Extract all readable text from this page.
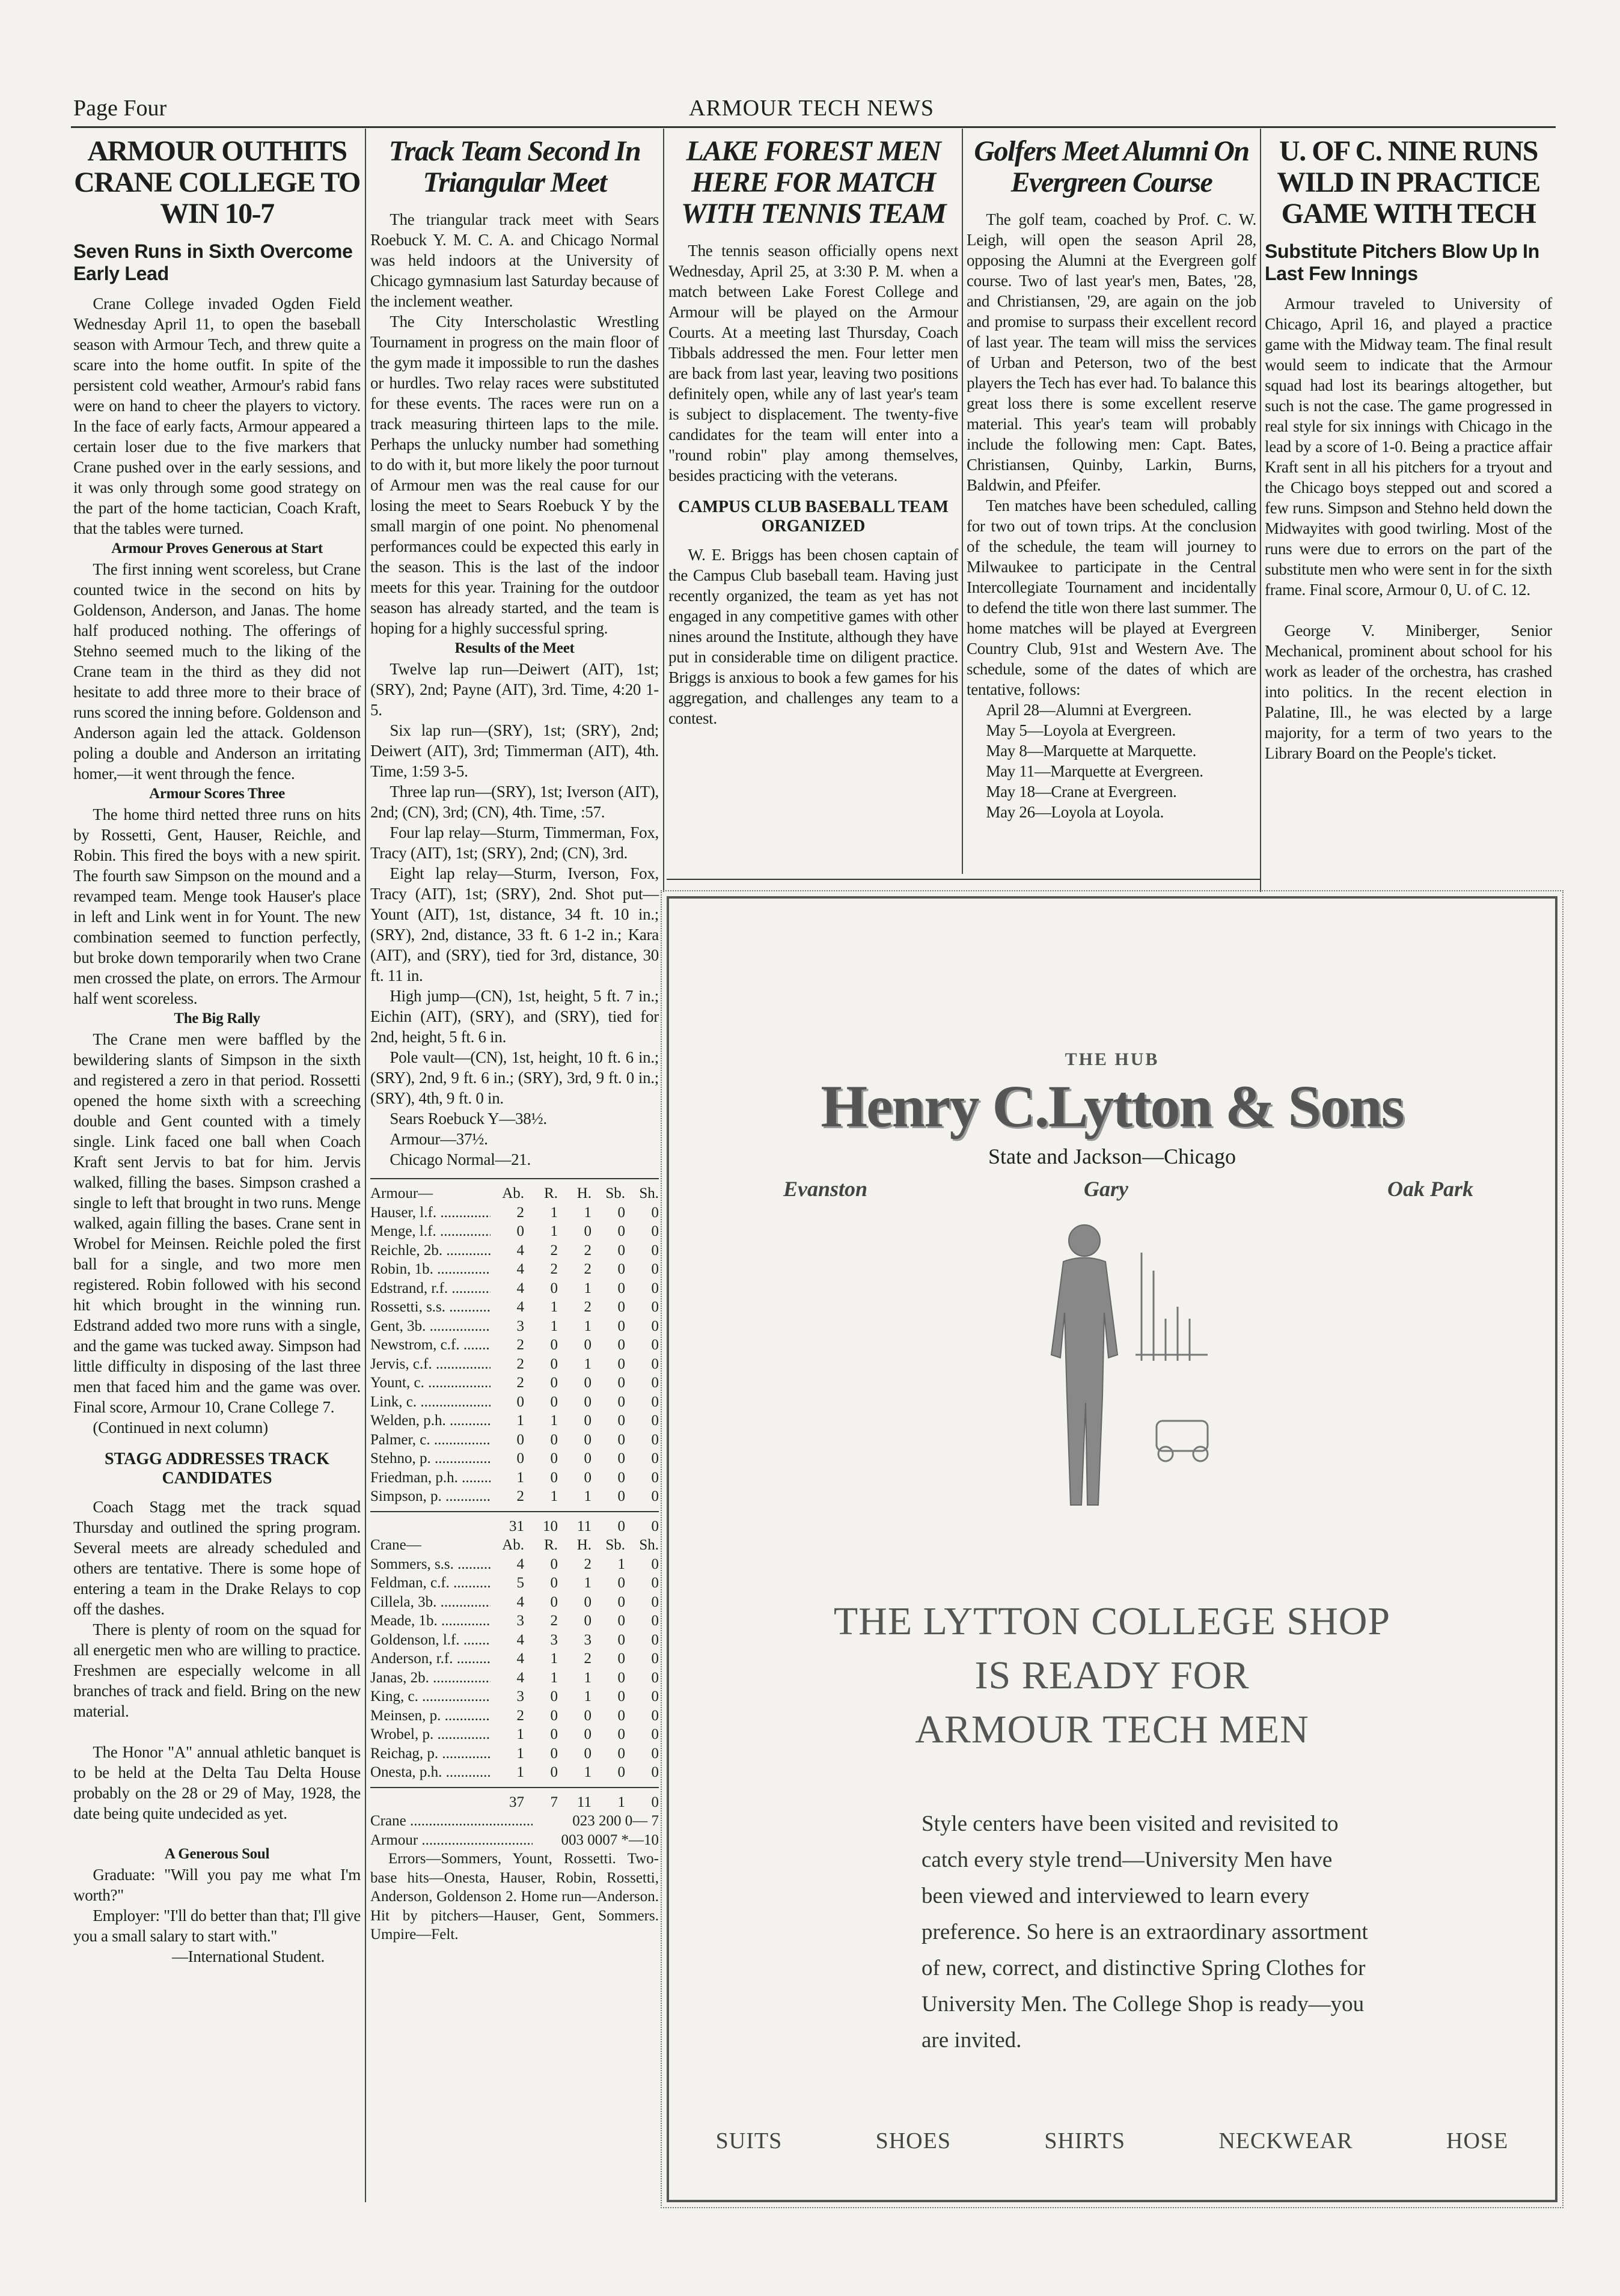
Page Four	ARMOUR TECH NEWS
ARMOUR OUTHITS CRANE COLLEGE TO WIN 10-7
Seven Runs in Sixth Overcome Early Lead

Crane College invaded Ogden Field Wednesday April 11, to open the baseball season with Armour Tech, and threw quite a scare into the home outfit. In spite of the persistent cold weather, Armour's rabid fans were on hand to cheer the players to victory. In the face of early facts, Armour appeared a certain loser due to the five markers that Crane pushed over in the early sessions, and it was only through some good strategy on the part of the home tactician, Coach Kraft, that the tables were turned.

Armour Proves Generous at Start

The first inning went scoreless, but Crane counted twice in the second on hits by Goldenson, Anderson, and Janas. The home half produced nothing. The offerings of Stehno seemed much to the liking of the Crane team in the third as they did not hesitate to add three more to their brace of runs scored the inning before. Goldenson and Anderson again led the attack. Goldenson poling a double and Anderson an irritating homer,—it went through the fence.

Armour Scores Three

The home third netted three runs on hits by Rossetti, Gent, Hauser, Reichle, and Robin. This fired the boys with a new spirit. The fourth saw Simpson on the mound and a revamped team. Menge took Hauser's place in left and Link went in for Yount. The new combination seemed to function perfectly, but broke down temporarily when two Crane men crossed the plate, on errors. The Armour half went scoreless.

The Big Rally

The Crane men were baffled by the bewildering slants of Simpson in the sixth and registered a zero in that period. Rossetti opened the home sixth with a screeching double and Gent counted with a timely single. Link faced one ball when Coach Kraft sent Jervis to bat for him. Jervis walked, filling the bases. Simpson crashed a single to left that brought in two runs. Menge walked, again filling the bases. Crane sent in Wrobel for Meinsen. Reichle poled the first ball for a single, and two more men registered. Robin followed with his second hit which brought in the winning run. Edstrand added two more runs with a single, and the game was tucked away. Simpson had little difficulty in disposing of the last three men that faced him and the game was over. Final score, Armour 10, Crane College 7.

(Continued in next column)

STAGG ADDRESSES TRACK CANDIDATES

Coach Stagg met the track squad Thursday and outlined the spring program. Several meets are already scheduled and others are tentative. There is some hope of entering a team in the Drake Relays to cop off the dashes.

There is plenty of room on the squad for all energetic men who are willing to practice. Freshmen are especially welcome in all branches of track and field. Bring on the new material.

The Honor "A" annual athletic banquet is to be held at the Delta Tau Delta House probably on the 28 or 29 of May, 1928, the date being quite undecided as yet.

A Generous Soul

Graduate: "Will you pay me what I'm worth?"

Employer: "I'll do better than that; I'll give you a small salary to start with."

—International Student.

Track Team Second In Triangular Meet

The triangular track meet with Sears Roebuck Y. M. C. A. and Chicago Normal was held indoors at the University of Chicago gymnasium last Saturday because of the inclement weather.

The City Interscholastic Wrestling Tournament in progress on the main floor of the gym made it impossible to run the dashes or hurdles. Two relay races were substituted for these events. The races were run on a track measuring thirteen laps to the mile. Perhaps the unlucky number had something to do with it, but more likely the poor turnout of Armour men was the real cause for our losing the meet to Sears Roebuck Y by the small margin of one point. No phenomenal performances could be expected this early in the season. This is the last of the indoor meets for this year. Training for the outdoor season has already started, and the team is hoping for a highly successful spring.

Results of the Meet

Twelve lap run—Deiwert (AIT), 1st; (SRY), 2nd; Payne (AIT), 3rd. Time, 4:20 1-5.

Six lap run—(SRY), 1st; (SRY), 2nd; Deiwert (AIT), 3rd; Timmerman (AIT), 4th. Time, 1:59 3-5.

Three lap run—(SRY), 1st; Iverson (AIT), 2nd; (CN), 3rd; (CN), 4th. Time, :57.

Four lap relay—Sturm, Timmerman, Fox, Tracy (AIT), 1st; (SRY), 2nd; (CN), 3rd.

Eight lap relay—Sturm, Iverson, Fox, Tracy (AIT), 1st; (SRY), 2nd. Shot put—Yount (AIT), 1st, distance, 34 ft. 10 in.; (SRY), 2nd, distance, 33 ft. 6 1-2 in.; Kara (AIT), and (SRY), tied for 3rd, distance, 30 ft. 11 in.

High jump—(CN), 1st, height, 5 ft. 7 in.; Eichin (AIT), (SRY), and (SRY), tied for 2nd, height, 5 ft. 6 in.

Pole vault—(CN), 1st, height, 10 ft. 6 in.; (SRY), 2nd, 9 ft. 6 in.; (SRY), 3rd, 9 ft. 0 in.; (SRY), 4th, 9 ft. 0 in.

Sears Roebuck Y—38½.

Armour—37½.

Chicago Normal—21.

Armour—	Ab.	R.	H. Sb. Sh.
Hauser, l.f. .....	2	1	1	0	0
Menge, l.f. .....	0	1	0	0	0
Reichle, 2b. .....	4	2	2	0	0
Robin, 1b. .....	4	2	2	0	0
Edstrand, r.f. .....	4	0	1	0	0
Rossetti, s.s. .....	4	1	2	0	0
Gent, 3b. .....	3	1	1	0	0
Newstrom, c.f. .....	2	0	0	0	0
Jervis, c.f. .....	2	0	1	0	0
Yount, c. .....	2	0	0	0	0
Link, c. .....	0	0	0	0	0
Welden, p.h. .....	1	1	0	0	0
Palmer, c. .....	0	0	0	0	0
Stehno, p. .....	0	0	0	0	0
Friedman, p.h. .....	1	0	0	0	0
Simpson, p. .....	2	1	1	0	0
31	10	11	0	0
Crane—	Ab.	R.	H. Sb. Sh.
Sommers, s.s. .....	4	0	2	1	0
Feldman, c.f. .....	5	0	1	0	0
Cillela, 3b. .....	4	0	0	0	0
Meade, 1b. .....	3	2	0	0	0
Goldenson, l.f. .....	4	3	3	0	0
Anderson, r.f. .....	4	1	2	0	0
Janas, 2b. .....	4	1	1	0	0
King, c. .....	3	0	1	0	0
Meinsen, p. .....	2	0	0	0	0
Wrobel, p. .....	1	0	0	0	0
Reichag, p. .....	1	0	0	0	0
Onesta, p.h. .....	1	0	1	0	0
37	7	11	1	0
Crane .....	023 200 0— 7
Armour .....	003 0007 *—10

Errors—Sommers, Yount, Rossetti. Two-base hits—Onesta, Hauser, Robin, Rossetti, Anderson, Goldenson 2. Home run—Anderson. Hit by pitchers—Hauser, Gent, Sommers. Umpire—Felt.

LAKE FOREST MEN HERE FOR MATCH WITH TENNIS TEAM

The tennis season officially opens next Wednesday, April 25, at 3:30 P. M. when a match between Lake Forest College and Armour will be played on the Armour Courts. At a meeting last Thursday, Coach Tibbals addressed the men. Four letter men are back from last year, leaving two positions definitely open, while any of last year's team is subject to displacement. The twenty-five candidates for the team will enter into a "round robin" play among themselves, besides practicing with the veterans.

CAMPUS CLUB BASEBALL TEAM ORGANIZED

W. E. Briggs has been chosen captain of the Campus Club baseball team. Having just recently organized, the team as yet has not engaged in any competitive games with other nines around the Institute, although they have put in considerable time on diligent practice. Briggs is anxious to book a few games for his aggregation, and challenges any team to a contest.

Golfers Meet Alumni On Evergreen Course

The golf team, coached by Prof. C. W. Leigh, will open the season April 28, opposing the Alumni at the Evergreen golf course. Two of last year's men, Bates, '28, and Christiansen, '29, are again on the job and promise to surpass their excellent record of last year. The team will miss the services of Urban and Peterson, two of the best players the Tech has ever had. To balance this great loss there is some excellent reserve material. This year's team will probably include the following men: Capt. Bates, Christiansen, Quinby, Larkin, Burns, Baldwin, and Pfeifer.

Ten matches have been scheduled, calling for two out of town trips. At the conclusion of the schedule, the team will journey to Milwaukee to participate in the Central Intercollegiate Tournament and incidentally to defend the title won there last summer. The home matches will be played at Evergreen Country Club, 91st and Western Ave. The schedule, some of the dates of which are tentative, follows:

April 28—Alumni at Evergreen.

May 5—Loyola at Evergreen.

May 8—Marquette at Marquette.

May 11—Marquette at Evergreen.

May 18—Crane at Evergreen.

May 26—Loyola at Loyola.

U. OF C. NINE RUNS WILD IN PRACTICE GAME WITH TECH
Substitute Pitchers Blow Up In Last Few Innings

Armour traveled to University of Chicago, April 16, and played a practice game with the Midway team. The final result would seem to indicate that the Armour squad had lost its bearings altogether, but such is not the case. The game progressed in real style for six innings with Chicago in the lead by a score of 1-0. Being a practice affair Kraft sent in all his pitchers for a tryout and the Chicago boys stepped out and scored a few runs. Simpson and Stehno held down the Midwayites with good twirling. Most of the runs were due to errors on the part of the substitute men who were sent in for the sixth frame. Final score, Armour 0, U. of C. 12.

George V. Miniberger, Senior Mechanical, prominent about school for his work as leader of the orchestra, has crashed into politics. In the recent election in Palatine, Ill., he was elected by a large majority, for a term of two years to the Library Board on the People's ticket.

THE HUB
Henry C.Lytton & Sons
State and Jackson—Chicago
Evanston	Gary	Oak Park
THE LYTTON COLLEGE SHOP
IS READY FOR
ARMOUR TECH MEN
Style centers have been visited and revisited to catch every style trend—University Men have been viewed and interviewed to learn every preference. So here is an extraordinary assortment of new, correct, and distinctive Spring Clothes for University Men. The College Shop is ready—you are invited.
SUITS	SHOES	SHIRTS	NECKWEAR	HOSE
